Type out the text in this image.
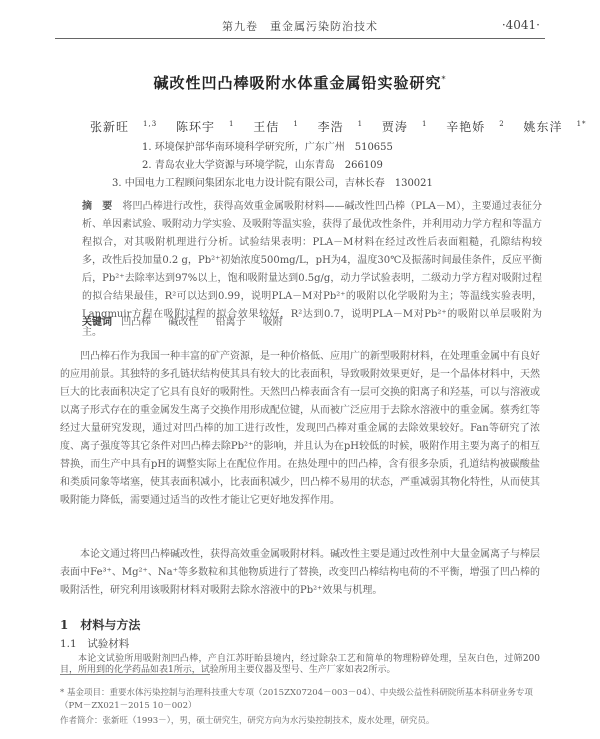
第九卷　重金属污染防治技术	·4041·
碱改性凹凸棒吸附水体重金属铅实验研究*
张新旺 $^{1,3}$ 陈环宇 $^1$ 王佶 $^1$ 李浩 $^1$ 贾涛 $^1$ 辛艳娇 $^2$ 姚东洋 $^{1*}$
1. 环境保护部华南环境科学研究所，广东广州　510655
2. 青岛农业大学资源与环境学院，山东青岛　266109
3. 中国电力工程顾问集团东北电力设计院有限公司，吉林长春　130021
摘　要　 将凹凸棒进行改性，获得高效重金属吸附材料——碱改性凹凸棒（PLA－M），主要通过表征分析、单因素试验、吸附动力学实验、及吸附等温实验，获得了最优改性条件，并利用动力学方程和等温方程拟合，对其吸附机理进行分析。试验结果表明：PLA－M材料在经过改性后表面粗糙，孔隙结构较多，改性后投加量0.2 g，Pb²⁺初始浓度500mg/L，pH为4，温度30℃及振荡时间最佳条件，反应平衡后，Pb²⁺去除率达到97%以上，饱和吸附量达到0.5g/g，动力学试验表明，二级动力学方程对吸附过程的拟合结果最佳，R²可以达到0.99，说明PLA－M对Pb²⁺的吸附以化学吸附为主；等温线实验表明，Langmuir方程在吸附过程的拟合效果较好，R²达到0.7，说明PLA－M对Pb²⁺的吸附以单层吸附为主。
关键词 凹凸棒 碱改性 铅离子 吸附
凹凸棒石作为我国一种丰富的矿产资源，是一种价格低、应用广的新型吸附材料，在处理重金属中有良好的应用前景。其独特的多孔链状结构使其具有较大的比表面积，导致吸附效果更好，是一个晶体材料中，天然巨大的比表面积决定了它具有良好的吸附性。天然凹凸棒表面含有一层可交换的阳离子和羟基，可以与溶液或以离子形式存在的重金属发生离子交换作用形成配位键，从而被广泛应用于去除水溶液中的重金属。蔡秀红等经过大量研究发现，通过对凹凸棒的加工进行改性，发现凹凸棒对重金属的去除效果较好。Fan等研究了浓度、离子强度等其它条件对凹凸棒去除Pb²⁺的影响，并且认为在pH较低的时候，吸附作用主要为离子的相互替换，而生产中具有pH的调整实际上在配位作用。在热处理中的凹凸棒，含有很多杂质，孔道结构被碳酸盐和类质同象等堵塞，使其表面积减小，比表面积减少，凹凸棒不易用的状态，严重减弱其物化特性，从而使其吸附能力降低，需要通过适当的改性才能让它更好地发挥作用。
本论文通过将凹凸棒碱改性，获得高效重金属吸附材料。碱改性主要是通过改性剂中大量金属离子与棒层表面中Fe³⁺、Mg²⁺、Na⁺等多数粒和其他物质进行了替换，改变凹凸棒结构电荷的不平衡，增强了凹凸棒的吸附活性，研究利用该吸附材料对吸附去除水溶液中的Pb²⁺效果与机理。
1　材料与方法
1.1　试验材料
本论文试验所用吸附剂凹凸棒，产自江苏盱眙县境内，经过除杂工艺和简单的物理粉碎处理，呈灰白色，过筛200目，所用到的化学药品如表1所示，试验所用主要仪器及型号、生产厂家如表2所示。
* 基金项目：重要水体污染控制与治理科技重大专项（2015ZX07204－003－04）、中央级公益性科研院所基本科研业务专项（PM－ZX021－2015 10－002）
作者简介：张新旺（1993－），男，硕士研究生，研究方向为水污染控制技术，废水处理，研究员。
